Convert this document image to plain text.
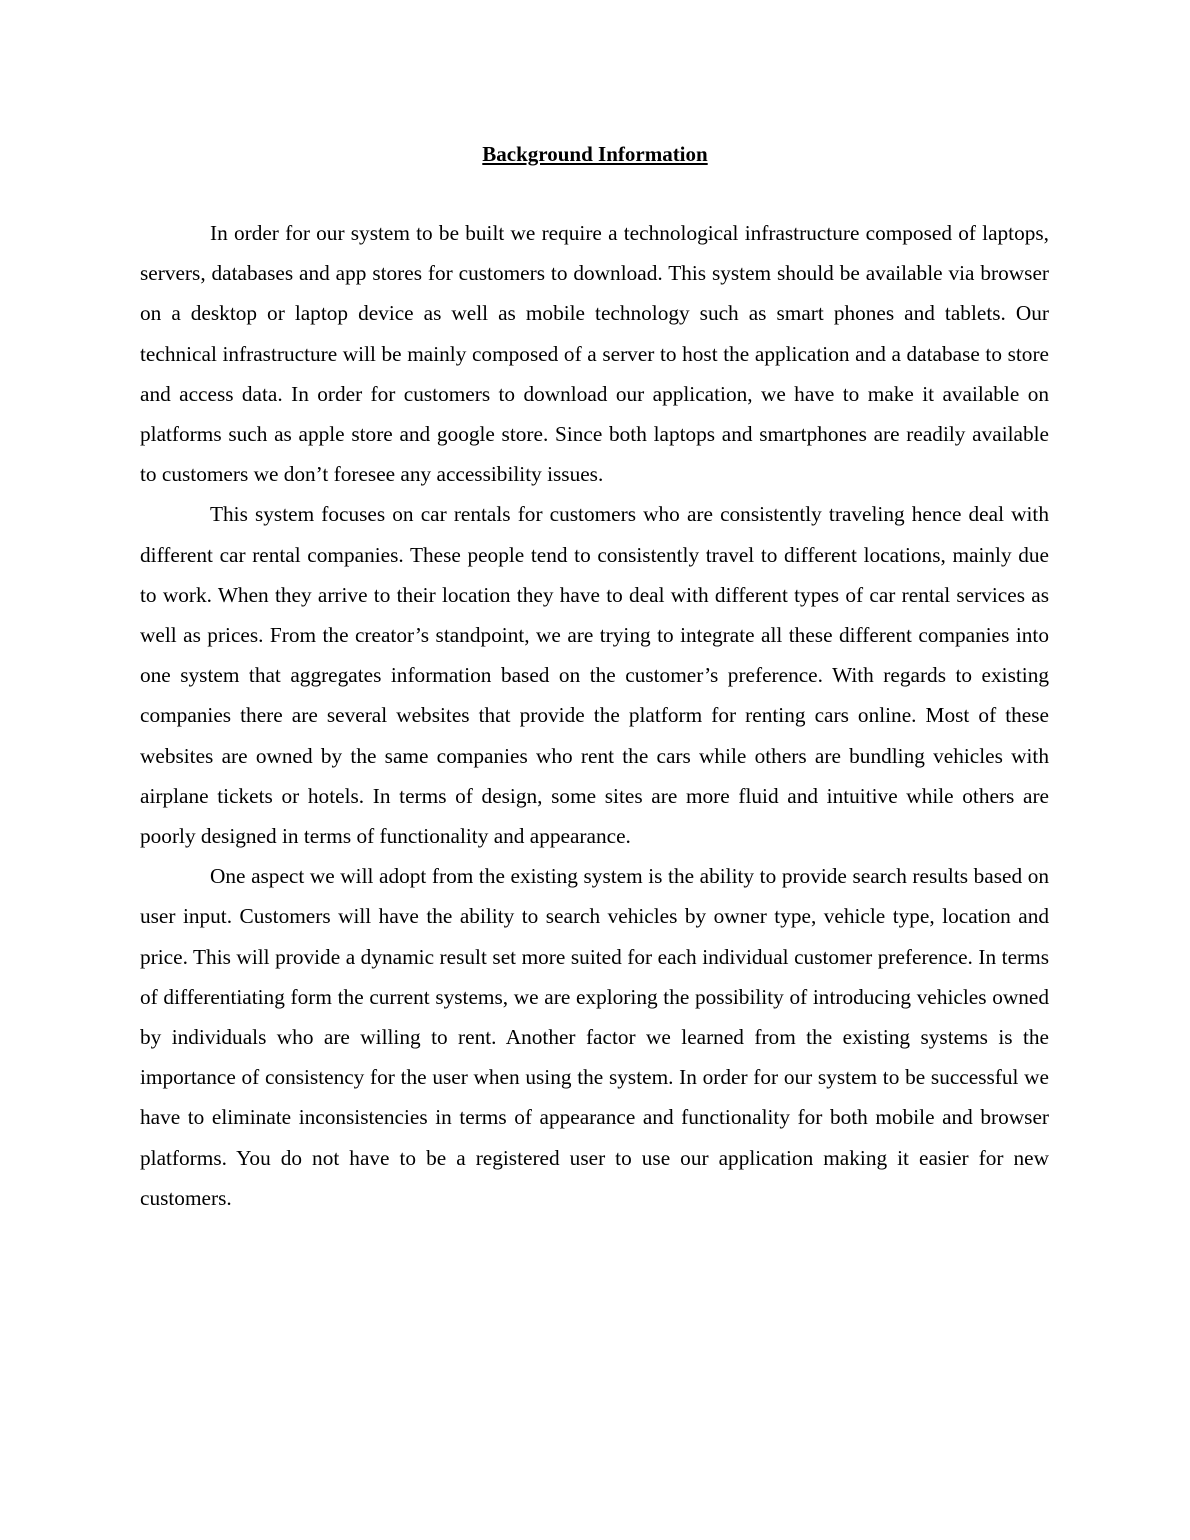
Background Information

In order for our system to be built we require a technological infrastructure composed of laptops, servers, databases and app stores for customers to download. This system should be available via browser on a desktop or laptop device as well as mobile technology such as smart phones and tablets. Our technical infrastructure will be mainly composed of a server to host the application and a database to store and access data. In order for customers to download our application, we have to make it available on platforms such as apple store and google store. Since both laptops and smartphones are readily available to customers we don’t foresee any accessibility issues.

This system focuses on car rentals for customers who are consistently traveling hence deal with different car rental companies. These people tend to consistently travel to different locations, mainly due to work. When they arrive to their location they have to deal with different types of car rental services as well as prices. From the creator’s standpoint, we are trying to integrate all these different companies into one system that aggregates information based on the customer’s preference. With regards to existing companies there are several websites that provide the platform for renting cars online. Most of these websites are owned by the same companies who rent the cars while others are bundling vehicles with airplane tickets or hotels. In terms of design, some sites are more fluid and intuitive while others are poorly designed in terms of functionality and appearance.

One aspect we will adopt from the existing system is the ability to provide search results based on user input. Customers will have the ability to search vehicles by owner type, vehicle type, location and price. This will provide a dynamic result set more suited for each individual customer preference. In terms of differentiating form the current systems, we are exploring the possibility of introducing vehicles owned by individuals who are willing to rent. Another factor we learned from the existing systems is the importance of consistency for the user when using the system. In order for our system to be successful we have to eliminate inconsistencies in terms of appearance and functionality for both mobile and browser platforms. You do not have to be a registered user to use our application making it easier for new customers.
